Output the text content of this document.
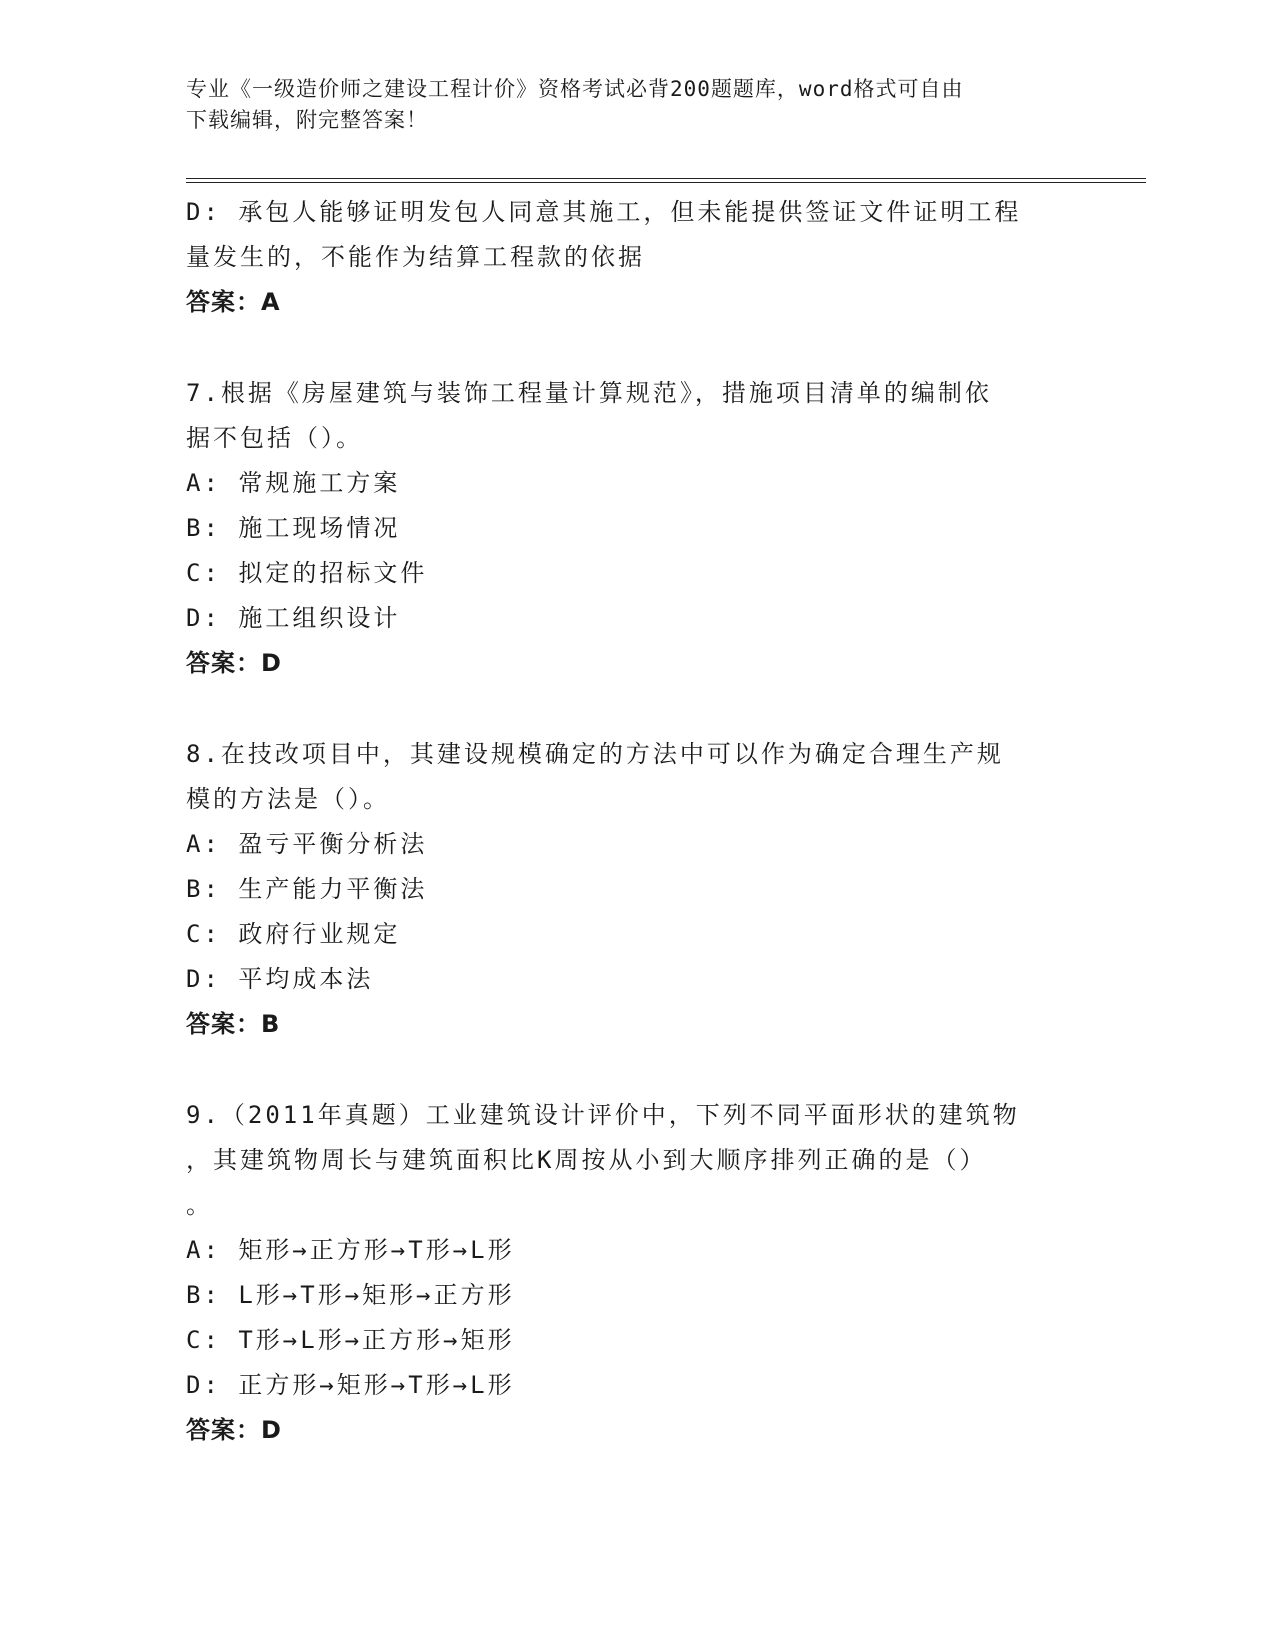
专业《一级造价师之建设工程计价》资格考试必背200题题库，word格式可自由
下载编辑，附完整答案！
D: 承包人能够证明发包人同意其施工，但未能提供签证文件证明工程
量发生的，不能作为结算工程款的依据
答案：A
7.根据《房屋建筑与装饰工程量计算规范》，措施项目清单的编制依
据不包括（）。
A: 常规施工方案
B: 施工现场情况
C: 拟定的招标文件
D: 施工组织设计
答案：D
8.在技改项目中，其建设规模确定的方法中可以作为确定合理生产规
模的方法是（）。
A: 盈亏平衡分析法
B: 生产能力平衡法
C: 政府行业规定
D: 平均成本法
答案：B
9.（2011年真题）工业建筑设计评价中，下列不同平面形状的建筑物
，其建筑物周长与建筑面积比K周按从小到大顺序排列正确的是（）
。
A: 矩形→正方形→T形→L形
B: L形→T形→矩形→正方形
C: T形→L形→正方形→矩形
D: 正方形→矩形→T形→L形
答案：D
